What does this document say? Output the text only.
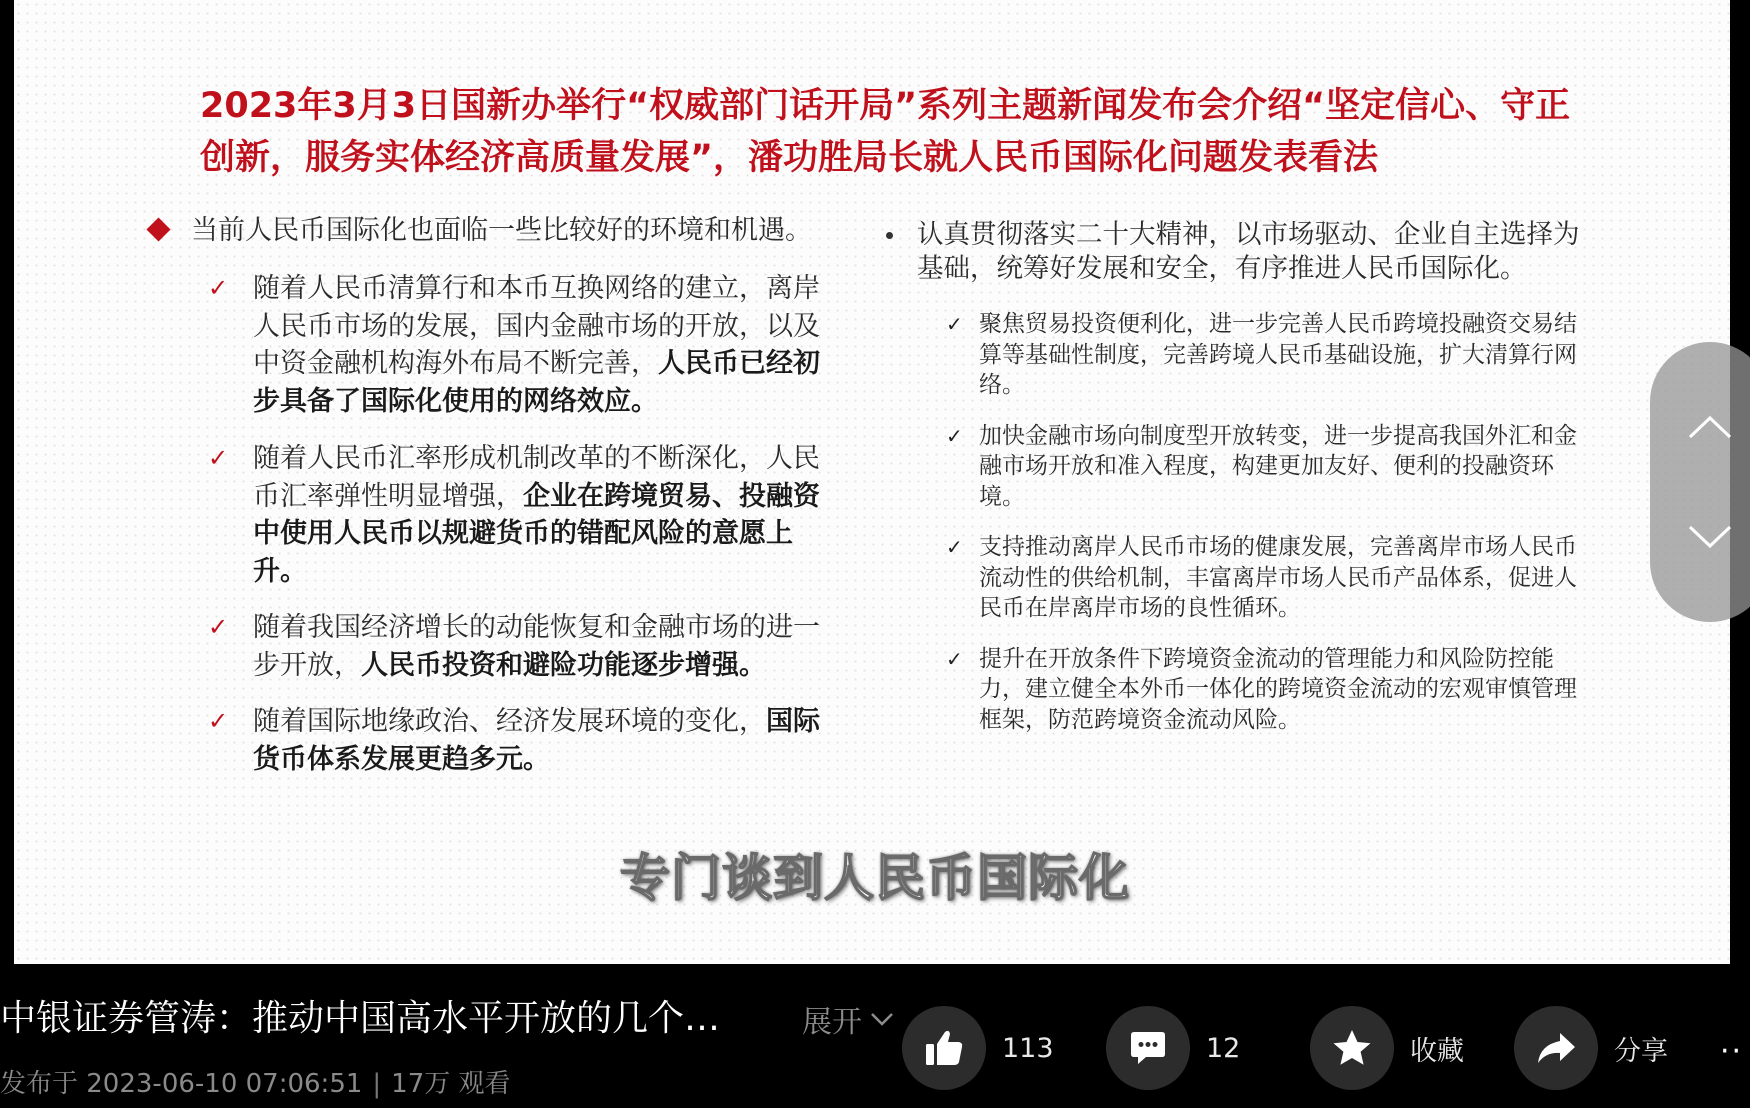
2023年3月3日国新办举行“权威部门话开局”系列主题新闻发布会介绍“坚定信心、守正创新，服务实体经济高质量发展”，潘功胜局长就人民币国际化问题发表看法
当前人民币国际化也面临一些比较好的环境和机遇。
✓ 随着人民币清算行和本币互换网络的建立，离岸人民币市场的发展，国内金融市场的开放，以及中资金融机构海外布局不断完善，人民币已经初步具备了国际化使用的网络效应。
✓ 随着人民币汇率形成机制改革的不断深化，人民币汇率弹性明显增强，企业在跨境贸易、投融资中使用人民币以规避货币的错配风险的意愿上升。
✓ 随着我国经济增长的动能恢复和金融市场的进一步开放，人民币投资和避险功能逐步增强。
✓ 随着国际地缘政治、经济发展环境的变化，国际货币体系发展更趋多元。
认真贯彻落实二十大精神，以市场驱动、企业自主选择为基础，统筹好发展和安全，有序推进人民币国际化。
✓ 聚焦贸易投资便利化，进一步完善人民币跨境投融资交易结算等基础性制度，完善跨境人民币基础设施，扩大清算行网络。
✓ 加快金融市场向制度型开放转变，进一步提高我国外汇和金融市场开放和准入程度，构建更加友好、便利的投融资环境。
✓ 支持推动离岸人民币市场的健康发展，完善离岸市场人民币流动性的供给机制，丰富离岸市场人民币产品体系，促进人民币在岸离岸市场的良性循环。
✓ 提升在开放条件下跨境资金流动的管理能力和风险防控能力，建立健全本外币一体化的跨境资金流动的宏观审慎管理框架，防范跨境资金流动风险。
专门谈到人民币国际化
中银证券管涛：推动中国高水平开放的几个…	展开
发布于 2023-06-10 07:06:51 | 17万 观看
113	12	收藏	分享 ··
